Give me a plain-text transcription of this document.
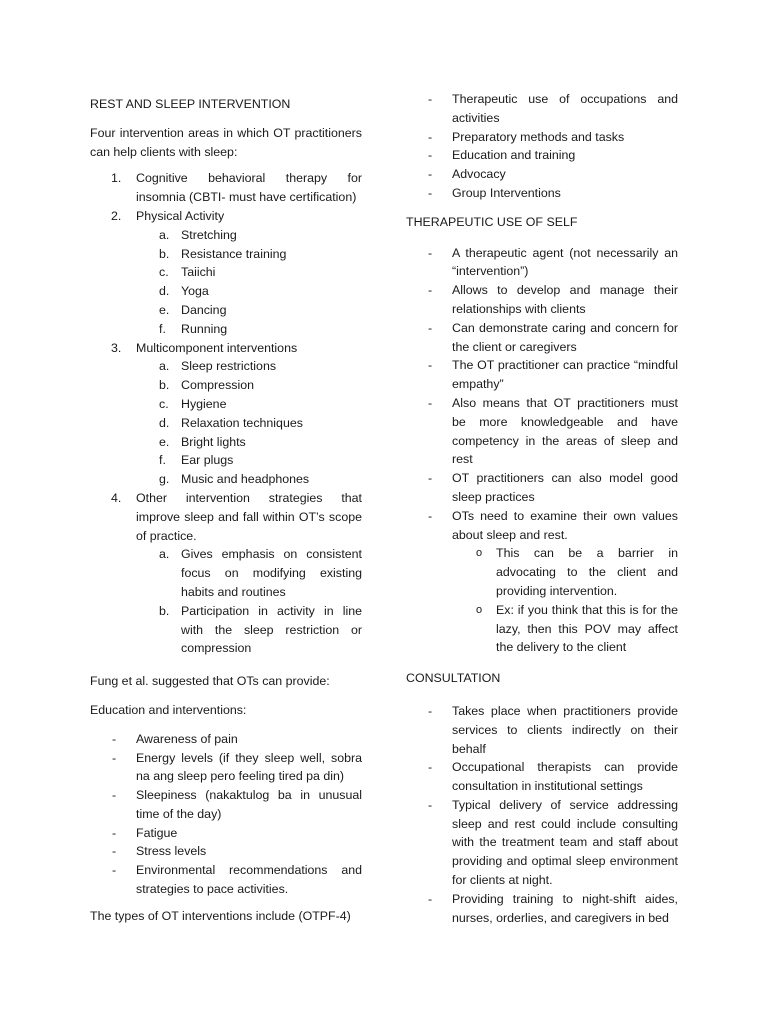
REST AND SLEEP INTERVENTION

Four intervention areas in which OT practitioners can help clients with sleep:

1. Cognitive behavioral therapy for insomnia (CBTI- must have certification)
2. Physical Activity
a. Stretching
b. Resistance training
c. Taiichi
d. Yoga
e. Dancing
f. Running
3. Multicomponent interventions
a. Sleep restrictions
b. Compression
c. Hygiene
d. Relaxation techniques
e. Bright lights
f. Ear plugs
g. Music and headphones
4. Other intervention strategies that improve sleep and fall within OT’s scope of practice.
a. Gives emphasis on consistent focus on modifying existing habits and routines
b. Participation in activity in line with the sleep restriction or compression

Fung et al. suggested that OTs can provide:

Education and interventions:

- Awareness of pain
- Energy levels (if they sleep well, sobra na ang sleep pero feeling tired pa din)
- Sleepiness (nakaktulog ba in unusual time of the day)
- Fatigue
- Stress levels
- Environmental recommendations and strategies to pace activities.

The types of OT interventions include (OTPF-4)

- Therapeutic use of occupations and activities
- Preparatory methods and tasks
- Education and training
- Advocacy
- Group Interventions

THERAPEUTIC USE OF SELF

- A therapeutic agent (not necessarily an “intervention”)
- Allows to develop and manage their relationships with clients
- Can demonstrate caring and concern for the client or caregivers
- The OT practitioner can practice “mindful empathy”
- Also means that OT practitioners must be more knowledgeable and have competency in the areas of sleep and rest
- OT practitioners can also model good sleep practices
- OTs need to examine their own values about sleep and rest.
o This can be a barrier in advocating to the client and providing intervention.
o Ex: if you think that this is for the lazy, then this POV may affect the delivery to the client

CONSULTATION

- Takes place when practitioners provide services to clients indirectly on their behalf
- Occupational therapists can provide consultation in institutional settings
- Typical delivery of service addressing sleep and rest could include consulting with the treatment team and staff about providing and optimal sleep environment for clients at night.
- Providing training to night-shift aides, nurses, orderlies, and caregivers in bed
